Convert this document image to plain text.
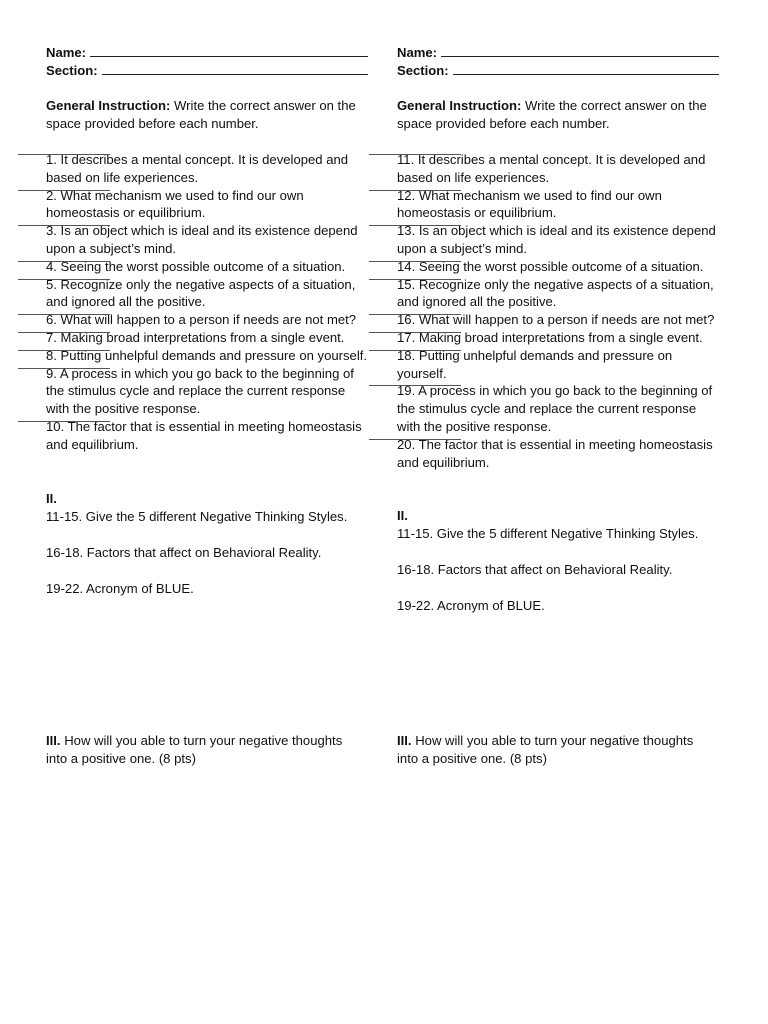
Name:
Section:
General Instruction: Write the correct answer on the space provided before each number.
1. It describes a mental concept. It is developed and based on life experiences.
2. What mechanism we used to find our own homeostasis or equilibrium.
3. Is an object which is ideal and its existence depend upon a subject’s mind.
4. Seeing the worst possible outcome of a situation.
5. Recognize only the negative aspects of a situation, and ignored all the positive.
6. What will happen to a person if needs are not met?
7. Making broad interpretations from a single event.
8. Putting unhelpful demands and pressure on yourself.
9. A process in which you go back to the beginning of the stimulus cycle and replace the current response with the positive response.
10. The factor that is essential in meeting homeostasis and equilibrium.
II.
11-15. Give the 5 different Negative Thinking Styles.
16-18. Factors that affect on Behavioral Reality.
19-22. Acronym of BLUE.
III. How will you able to turn your negative thoughts into a positive one. (8 pts)
Name:
Section:
General Instruction: Write the correct answer on the space provided before each number.
11. It describes a mental concept. It is developed and based on life experiences.
12. What mechanism we used to find our own homeostasis or equilibrium.
13. Is an object which is ideal and its existence depend upon a subject’s mind.
14. Seeing the worst possible outcome of a situation.
15. Recognize only the negative aspects of a situation, and ignored all the positive.
16. What will happen to a person if needs are not met?
17. Making broad interpretations from a single event.
18. Putting unhelpful demands and pressure on yourself.
19. A process in which you go back to the beginning of the stimulus cycle and replace the current response with the positive response.
20. The factor that is essential in meeting homeostasis and equilibrium.
II.
11-15. Give the 5 different Negative Thinking Styles.
16-18. Factors that affect on Behavioral Reality.
19-22. Acronym of BLUE.
III. How will you able to turn your negative thoughts into a positive one. (8 pts)
